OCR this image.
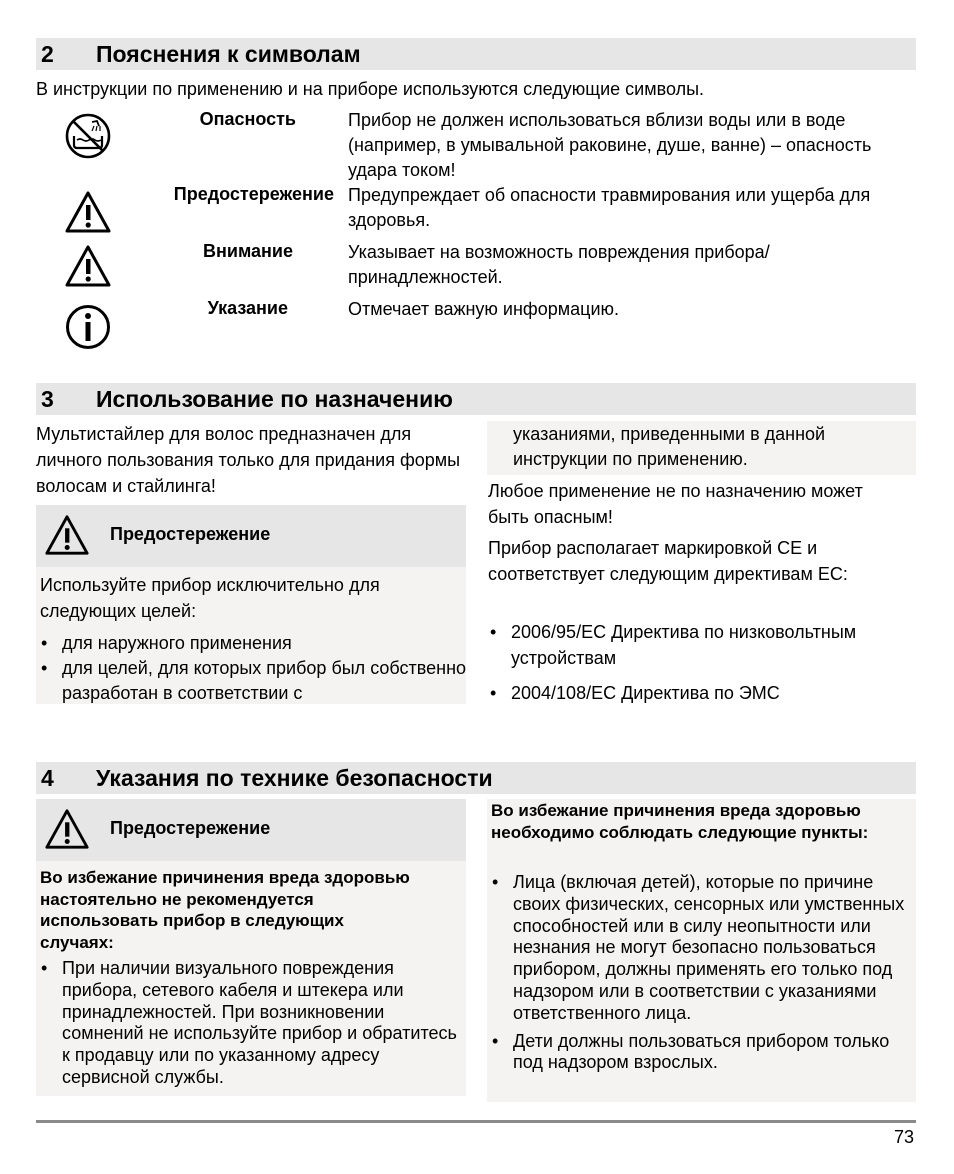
2 Пояснения к символам
В инструкции по применению и на приборе используются следующие символы.
Опасность	Прибор не должен использоваться вблизи воды или в воде (например, в умывальной раковине, душе, ванне) – опасность удара током!
Предостережение Предупреждает об опасности травмирования или ущерба для здоровья.
Внимание	Указывает на возможность повреждения прибора/принадлежностей.
Указание	Отмечает важную информацию.
3 Использование по назначению
Мультистайлер для волос предназначен для личного пользования только для придания формы волосам и стайлинга!
Предостережение
Используйте прибор исключительно для следующих целей:
• для наружного применения
• для целей, для которых прибор был собственно разработан в соответствии с
указаниями, приведенными в данной инструкции по применению.
Любое применение не по назначению может быть опасным!
Прибор располагает маркировкой CE и соответствует следующим директивам ЕС:
• 2006/95/EC Директива по низковольтным устройствам
• 2004/108/EC Директива по ЭМС
4 Указания по технике безопасности
Предостережение
Во избежание причинения вреда здоровью настоятельно не рекомендуется использовать прибор в следующих случаях:
• При наличии визуального повреждения прибора, сетевого кабеля и штекера или принадлежностей. При возникновении сомнений не используйте прибор и обратитесь к продавцу или по указанному адресу сервисной службы.
Во избежание причинения вреда здоровью необходимо соблюдать следующие пункты:
• Лица (включая детей), которые по причине своих физических, сенсорных или умственных способностей или в силу неопытности или незнания не могут безопасно пользоваться прибором, должны применять его только под надзором или в соответствии с указаниями ответственного лица.
• Дети должны пользоваться прибором только под надзором взрослых.
73
